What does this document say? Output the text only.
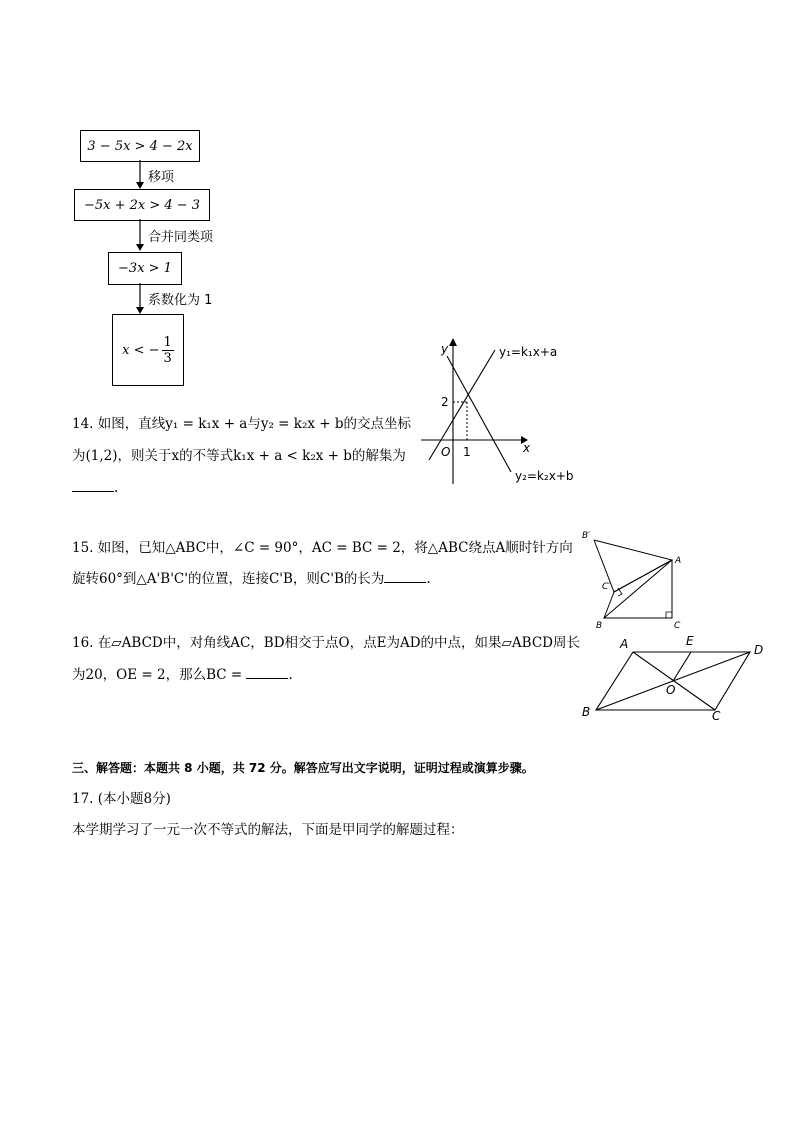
3 − 5x > 4 − 2x
移项
−5x + 2x > 4 − 3
合并同类项
−3x > 1
系数化为 1
x < − $\frac{1}{3}$
14. 如图，直线y₁ = k₁x + a与y₂ = k₂x + b的交点坐标
为(1,2)，则关于x的不等式k₁x + a < k₂x + b的解集为
.
y
x
O 1
2
y₁=k₁x+a
y₂=k₂x+b
15. 如图，已知△ABC中，∠C = 90°，AC = BC = 2，将△ABC绕点A顺时针方向
旋转60°到△A'B'C'的位置，连接C'B，则C'B的长为	.
B′
A
C′
B	C
16. 在▱ABCD中，对角线AC，BD相交于点O，点E为AD的中点，如果▱ABCD周长
为20，OE = 2，那么BC =	.
A	E
D
O
B	C
三、解答题：本题共 8 小题，共 72 分。解答应写出文字说明，证明过程或演算步骤。
17. (本小题8分)
本学期学习了一元一次不等式的解法，下面是甲同学的解题过程：
